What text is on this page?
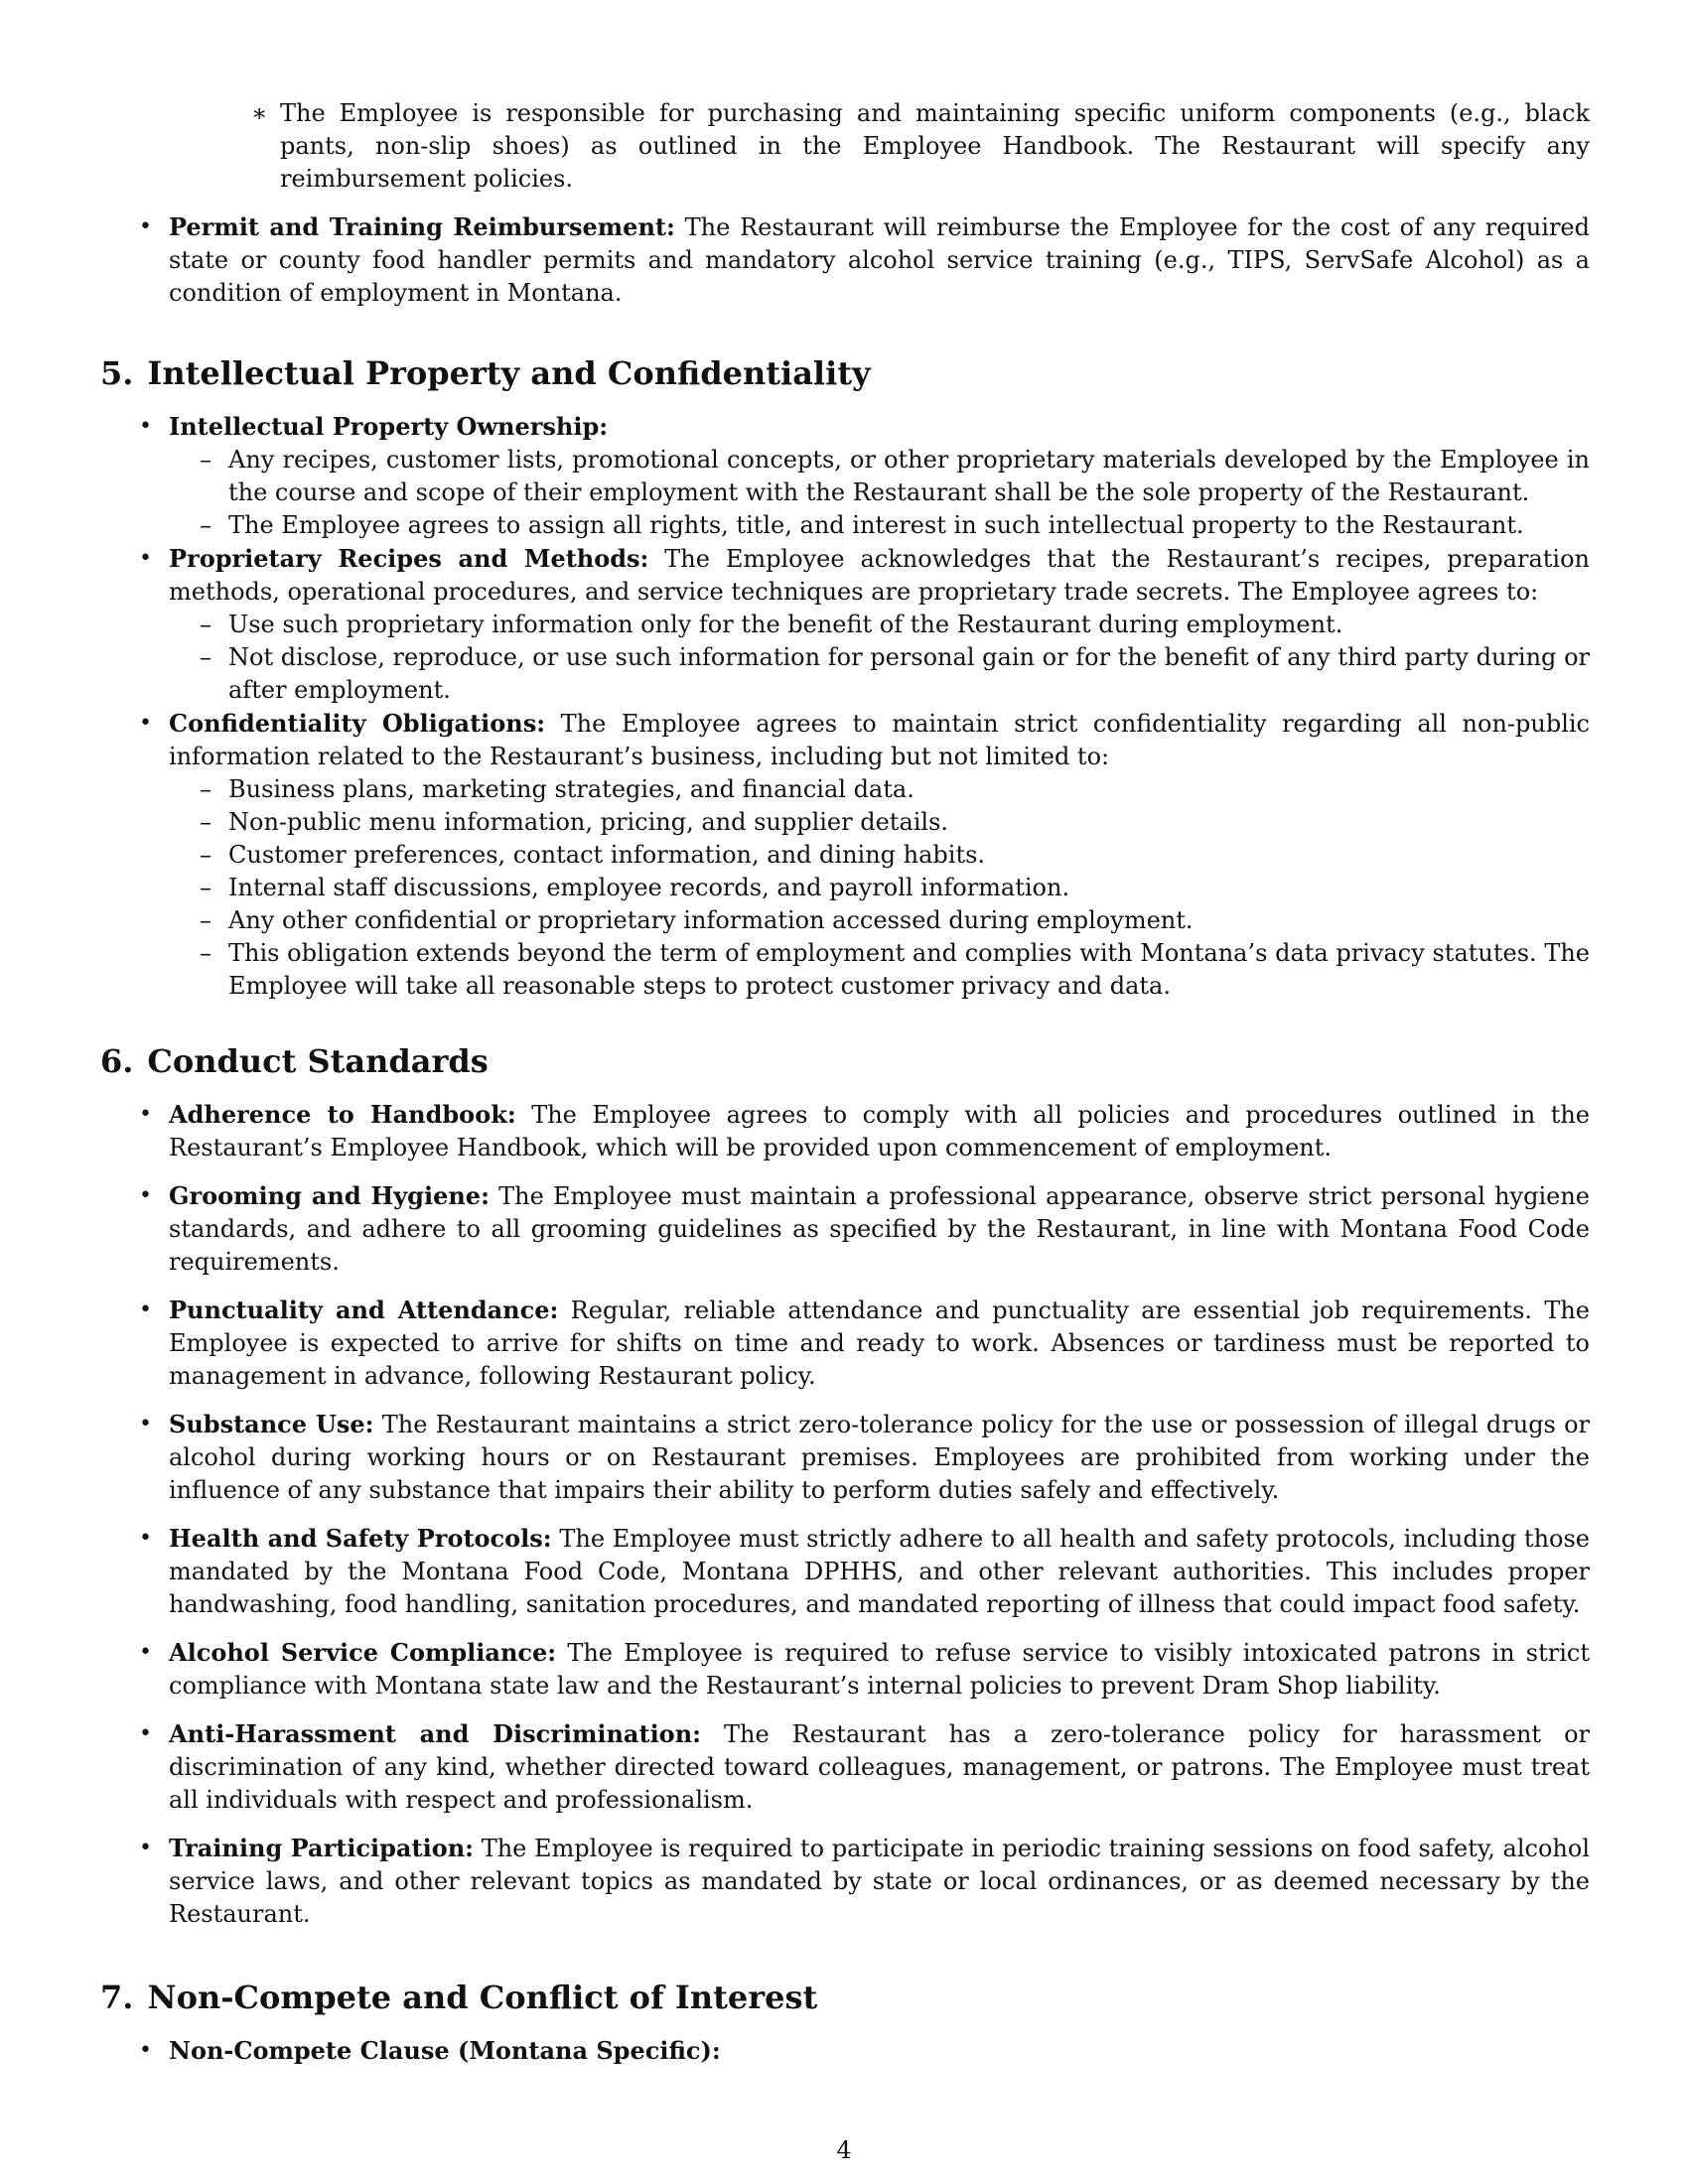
∗ The Employee is responsible for purchasing and maintaining specific uniform components (e.g., black pants, non-slip shoes) as outlined in the Employee Handbook. The Restaurant will specify any reimbursement policies.
• Permit and Training Reimbursement: The Restaurant will reimburse the Employee for the cost of any required state or county food handler permits and mandatory alcohol service training (e.g., TIPS, ServSafe Alcohol) as a condition of employment in Montana.
5. Intellectual Property and Confidentiality
• Intellectual Property Ownership:
– Any recipes, customer lists, promotional concepts, or other proprietary materials developed by the Employee in the course and scope of their employment with the Restaurant shall be the sole property of the Restaurant.
– The Employee agrees to assign all rights, title, and interest in such intellectual property to the Restaurant.
• Proprietary Recipes and Methods: The Employee acknowledges that the Restaurant’s recipes, preparation methods, operational procedures, and service techniques are proprietary trade secrets. The Employee agrees to:
– Use such proprietary information only for the benefit of the Restaurant during employment.
– Not disclose, reproduce, or use such information for personal gain or for the benefit of any third party during or after employment.
• Confidentiality Obligations: The Employee agrees to maintain strict confidentiality regarding all non-public information related to the Restaurant’s business, including but not limited to:
– Business plans, marketing strategies, and financial data.
– Non-public menu information, pricing, and supplier details.
– Customer preferences, contact information, and dining habits.
– Internal staff discussions, employee records, and payroll information.
– Any other confidential or proprietary information accessed during employment.
– This obligation extends beyond the term of employment and complies with Montana’s data privacy statutes. The Employee will take all reasonable steps to protect customer privacy and data.
6. Conduct Standards
• Adherence to Handbook: The Employee agrees to comply with all policies and procedures outlined in the Restaurant’s Employee Handbook, which will be provided upon commencement of employment.
• Grooming and Hygiene: The Employee must maintain a professional appearance, observe strict personal hygiene standards, and adhere to all grooming guidelines as specified by the Restaurant, in line with Montana Food Code requirements.
• Punctuality and Attendance: Regular, reliable attendance and punctuality are essential job requirements. The Employee is expected to arrive for shifts on time and ready to work. Absences or tardiness must be reported to management in advance, following Restaurant policy.
• Substance Use: The Restaurant maintains a strict zero-tolerance policy for the use or possession of illegal drugs or alcohol during working hours or on Restaurant premises. Employees are prohibited from working under the influence of any substance that impairs their ability to perform duties safely and effectively.
• Health and Safety Protocols: The Employee must strictly adhere to all health and safety protocols, including those mandated by the Montana Food Code, Montana DPHHS, and other relevant authorities. This includes proper handwashing, food handling, sanitation procedures, and mandated reporting of illness that could impact food safety.
• Alcohol Service Compliance: The Employee is required to refuse service to visibly intoxicated patrons in strict compliance with Montana state law and the Restaurant’s internal policies to prevent Dram Shop liability.
• Anti-Harassment and Discrimination: The Restaurant has a zero-tolerance policy for harassment or discrimination of any kind, whether directed toward colleagues, management, or patrons. The Employee must treat all individuals with respect and professionalism.
• Training Participation: The Employee is required to participate in periodic training sessions on food safety, alcohol service laws, and other relevant topics as mandated by state or local ordinances, or as deemed necessary by the Restaurant.
7. Non-Compete and Conflict of Interest
• Non-Compete Clause (Montana Specific):
4
